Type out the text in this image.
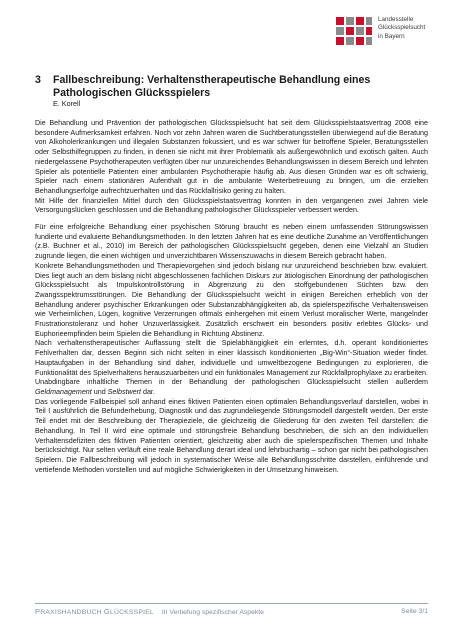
Landesstelle
Glücksspielsucht
in Bayern
3 Fallbeschreibung: Verhaltenstherapeutische Behandlung eines Pathologischen Glücksspielers
E. Korell

Die Behandlung und Prävention der pathologischen Glücksspielsucht hat seit dem Glücksspielstaatsvertrag 2008 eine besondere Aufmerksamkeit erfahren. Noch vor zehn Jahren waren die Suchtberatungsstellen überwiegend auf die Beratung von Alkoholerkrankungen und illegalen Substanzen fokussiert, und es war schwer für betroffene Spieler, Beratungsstellen oder Selbsthilfegruppen zu finden, in denen sie nicht mit ihrer Problematik als außergewöhnlich und exotisch galten. Auch niedergelassene Psychotherapeuten verfügten über nur unzureichendes Behandlungswissen in diesem Bereich und lehnten Spieler als potentielle Patienten einer ambulanten Psychotherapie häufig ab. Aus diesen Gründen war es oft schwierig, Spieler nach einem stationären Aufenthalt gut in die ambulante Weiterbetreuung zu bringen, um die erzielten Behandlungserfolge aufrechtzuerhalten und das Rückfallrisiko gering zu halten.

Mit Hilfe der finanziellen Mittel durch den Glücksspielstaatsvertrag konnten in den vergangenen zwei Jahren viele Versorgungslücken geschlossen und die Behandlung pathologischer Glücksspieler verbessert werden.

Für eine erfolgreiche Behandlung einer psychischen Störung braucht es neben einem umfassenden Störungswissen fundierte und evaluierte Behandlungsmethoden. In den letzten Jahren hat es eine deutliche Zunahme an Veröffentlichungen (z.B. Buchner et al., 2010) im Bereich der pathologischen Glücksspielsucht gegeben, denen eine Vielzahl an Studien zugrunde liegen, die einen wichtigen und unverzichtbaren Wissenszuwachs in diesem Bereich gebracht haben.

Konkrete Behandlungsmethoden und Therapievorgehen sind jedoch bislang nur unzureichend beschrieben bzw. evaluiert. Dies liegt auch an dem bislang nicht abgeschlossenen fachlichen Diskurs zur ätiologischen Einordnung der pathologischen Glücksspielsucht als Impulskontrollstörung in Abgrenzung zu den stoffgebundenen Süchten bzw. den Zwangsspektrumsstörungen. Die Behandlung der Glücksspielsucht weicht in einigen Bereichen erheblich von der Behandlung anderer psychischer Erkrankungen oder Substanzabhängigkeiten ab, da spielerspezifische Verhaltensweisen wie Verheimlichen, Lügen, kognitive Verzerrungen oftmals einhergehen mit einem Verlust moralischer Werte, mangelnder Frustrationstoleranz und hoher Unzuverlässigkeit. Zusätzlich erschwert ein besonders positiv erlebtes Glücks- und Euphorieempfinden beim Spielen die Behandlung in Richtung Abstinenz.

Nach verhaltenstherapeutischer Auffassung stellt die Spielabhängigkeit ein erlerntes, d.h. operant konditioniertes Fehlverhalten dar, dessen Beginn sich nicht selten in einer klassisch konditionierten „Big-Win“-Situation wieder findet. Hauptaufgaben in der Behandlung sind daher, individuelle und umweltbezogene Bedingungen zu explorieren, die Funktionalität des Spielverhaltens herauszuarbeiten und ein funktionales Management zur Rückfallprophylaxe zu erarbeiten. Unabdingbare inhaltliche Themen in der Behandlung der pathologischen Glücksspielsucht stellen außerdem Geldmanagement und Selbstwert dar.

Das vorliegende Fallbeispiel soll anhand eines fiktiven Patienten einen optimalen Behandlungsverlauf darstellen, wobei in Teil I ausführlich die Befunderhebung, Diagnostik und das zugrundeliegende Störungsmodell dargestellt werden. Der erste Teil endet mit der Beschreibung der Therapieziele, die gleichzeitig die Gliederung für den zweiten Teil darstellen: die Behandlung. In Teil II wird eine optimale und störungsfreie Behandlung beschrieben, die sich an den individuellen Verhaltensdefiziten des fiktiven Patienten orientiert, gleichzeitig aber auch die spielerspezifischen Themen und Inhalte berücksichtigt. Nur selten verläuft eine reale Behandlung derart ideal und lehrbuchartig – schon gar nicht bei pathologischen Spielern. Die Fallbeschreibung will jedoch in systematischer Weise alle Behandlungsschritte darstellen, einführende und vertiefende Methoden vorstellen und auf mögliche Schwierigkeiten in der Umsetzung hinweisen.

PRAXISHANDBUCH GLÜCKSSPIEL III Vertiefung spezifischer Aspekte	Seite 3/1
